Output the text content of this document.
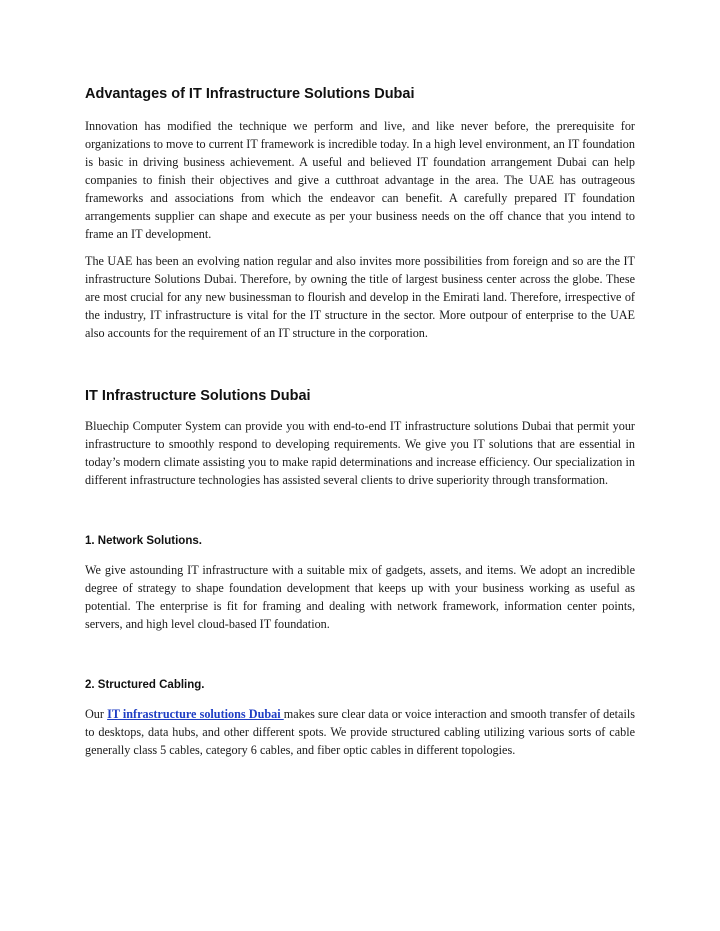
Advantages of IT Infrastructure Solutions Dubai

Innovation has modified the technique we perform and live, and like never before, the prerequisite for organizations to move to current IT framework is incredible today. In a high level environment, an IT foundation is basic in driving business achievement. A useful and believed IT foundation arrangement Dubai can help companies to finish their objectives and give a cutthroat advantage in the area. The UAE has outrageous frameworks and associations from which the endeavor can benefit. A carefully prepared IT foundation arrangements supplier can shape and execute as per your business needs on the off chance that you intend to frame an IT development.

The UAE has been an evolving nation regular and also invites more possibilities from foreign and so are the IT infrastructure Solutions Dubai. Therefore, by owning the title of largest business center across the globe. These are most crucial for any new businessman to flourish and develop in the Emirati land. Therefore, irrespective of the industry, IT infrastructure is vital for the IT structure in the sector. More outpour of enterprise to the UAE also accounts for the requirement of an IT structure in the corporation.

IT Infrastructure Solutions Dubai

Bluechip Computer System can provide you with end-to-end IT infrastructure solutions Dubai that permit your infrastructure to smoothly respond to developing requirements. We give you IT solutions that are essential in today’s modern climate assisting you to make rapid determinations and increase efficiency. Our specialization in different infrastructure technologies has assisted several clients to drive superiority through transformation.

1. Network Solutions.

We give astounding IT infrastructure with a suitable mix of gadgets, assets, and items. We adopt an incredible degree of strategy to shape foundation development that keeps up with your business working as useful as potential. The enterprise is fit for framing and dealing with network framework, information center points, servers, and high level cloud-based IT foundation.

2. Structured Cabling.

Our IT infrastructure solutions Dubai makes sure clear data or voice interaction and smooth transfer of details to desktops, data hubs, and other different spots. We provide structured cabling utilizing various sorts of cable generally class 5 cables, category 6 cables, and fiber optic cables in different topologies.
